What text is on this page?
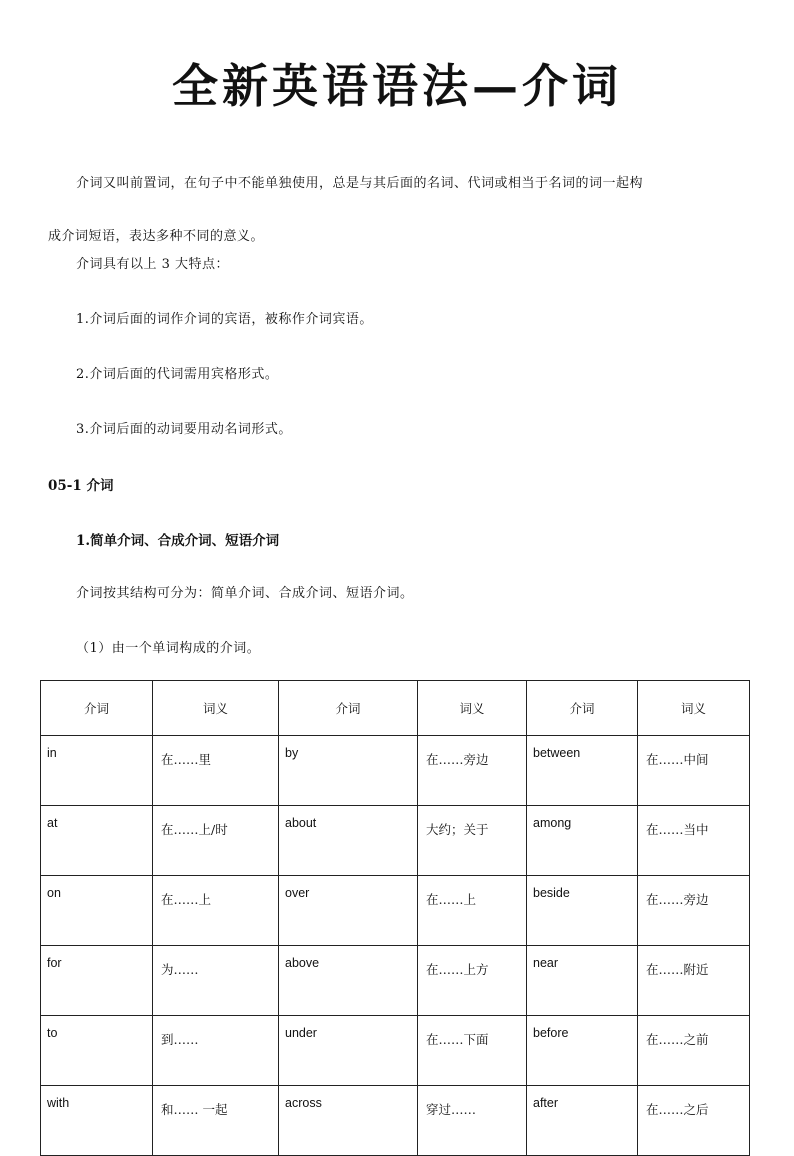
全新英语语法—介词
介词又叫前置词，在句子中不能单独使用，总是与其后面的名词、代词或相当于名词的词一起构
成介词短语，表达多种不同的意义。
介词具有以上 3 大特点：
1.介词后面的词作介词的宾语，被称作介词宾语。
2.介词后面的代词需用宾格形式。
3.介词后面的动词要用动名词形式。
05-1 介词
1.简单介词、合成介词、短语介词
介词按其结构可分为：简单介词、合成介词、短语介词。
（1）由一个单词构成的介词。
介词	词义	介词	词义	介词	词义
in	在……里	by	在……旁边	between	在……中间
at	在……上/时	about	大约；关于	among	在……当中
on	在……上	over	在……上	beside	在……旁边
for	为……	above	在……上方	near	在……附近
to	到……	under	在……下面	before	在……之前
with	和…… 一起	across	穿过……	after	在……之后
